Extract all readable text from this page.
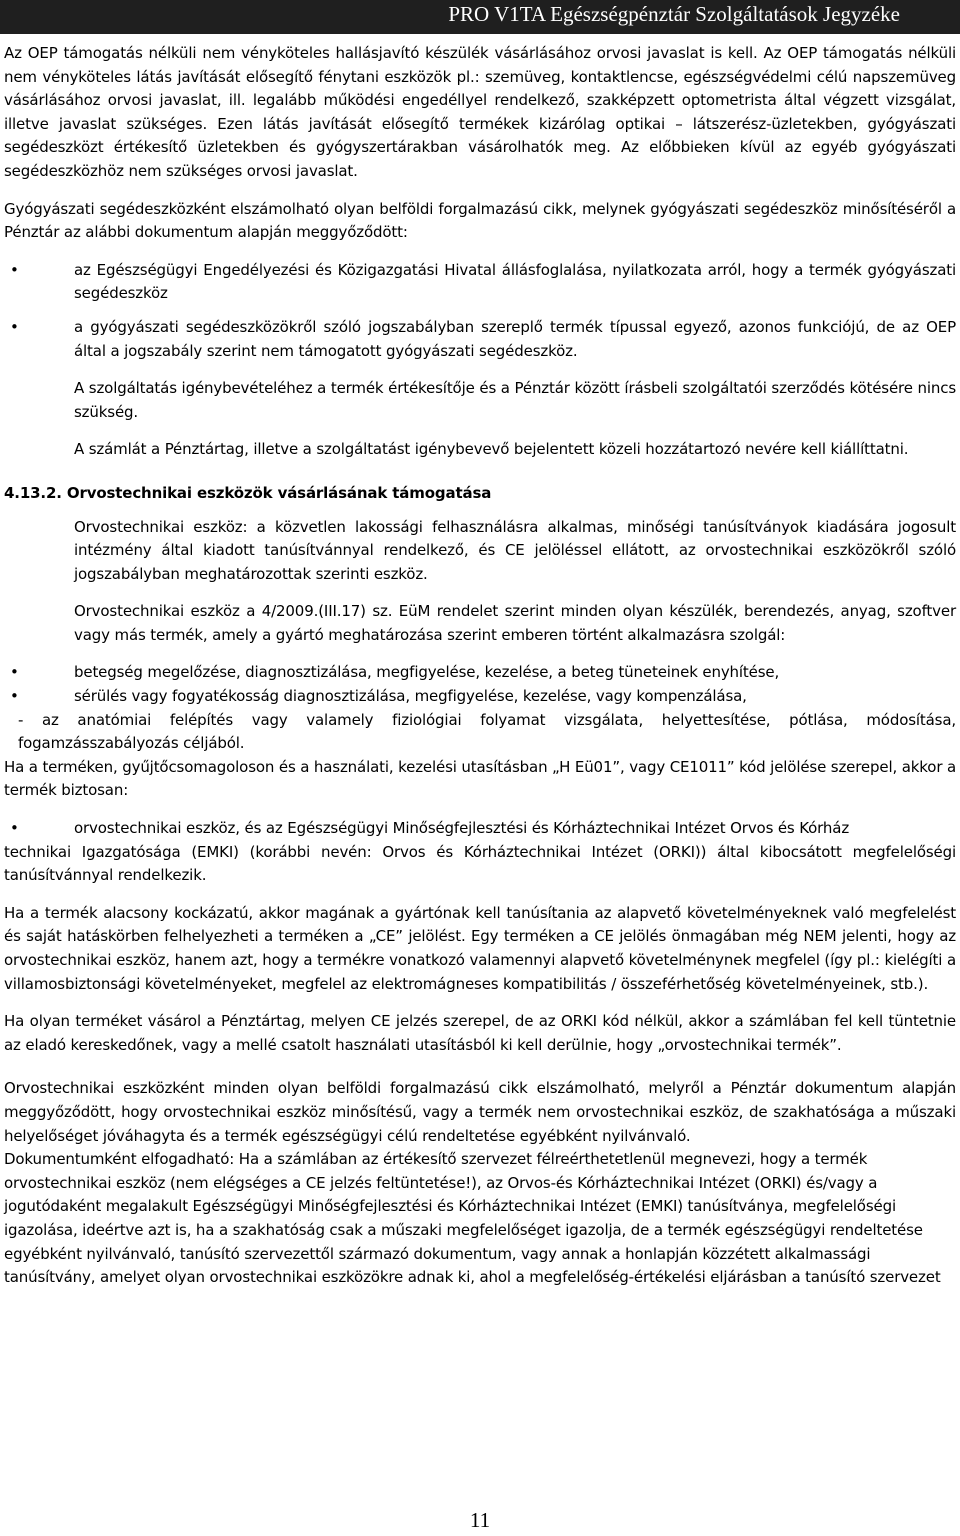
PRO V1TA Egészségpénztár Szolgáltatások Jegyzéke

Az OEP támogatás nélküli nem vényköteles hallásjavító készülék vásárlásához orvosi javaslat is kell. Az OEP támogatás nélküli nem vényköteles látás javítását elősegítő fénytani eszközök pl.: szemüveg, kontaktlencse, egészségvédelmi célú napszemüveg vásárlásához orvosi javaslat, ill. legalább működési engedéllyel rendelkező, szakképzett optometrista által végzett vizsgálat, illetve javaslat szükséges. Ezen látás javítását elősegítő termékek kizárólag optikai – látszerész-üzletekben, gyógyászati segédeszközt értékesítő üzletekben és gyógyszertárakban vásárolhatók meg. Az előbbieken kívül az egyéb gyógyászati segédeszközhöz nem szükséges orvosi javaslat.

Gyógyászati segédeszközként elszámolható olyan belföldi forgalmazású cikk, melynek gyógyászati segédeszköz minősítéséről a Pénztár az alábbi dokumentum alapján meggyőződött:

•	az Egészségügyi Engedélyezési és Közigazgatási Hivatal állásfoglalása, nyilatkozata arról, hogy a termék gyógyászati segédeszköz

•	a gyógyászati segédeszközökről szóló jogszabályban szereplő termék típussal egyező, azonos funkciójú, de az OEP által a jogszabály szerint nem támogatott gyógyászati segédeszköz.

A szolgáltatás igénybevételéhez a termék értékesítője és a Pénztár között írásbeli szolgáltatói szerződés kötésére nincs szükség.

A számlát a Pénztártag, illetve a szolgáltatást igénybevevő bejelentett közeli hozzátartozó nevére kell kiállíttatni.

4.13.2. Orvostechnikai eszközök vásárlásának támogatása

Orvostechnikai eszköz: a közvetlen lakossági felhasználásra alkalmas, minőségi tanúsítványok kiadására jogosult intézmény által kiadott tanúsítvánnyal rendelkező, és CE jelöléssel ellátott, az orvostechnikai eszközökről szóló jogszabályban meghatározottak szerinti eszköz.

Orvostechnikai eszköz a 4/2009.(III.17) sz. EüM rendelet szerint minden olyan készülék, berendezés, anyag, szoftver vagy más termék, amely a gyártó meghatározása szerint emberen történt alkalmazásra szolgál:

•	betegség megelőzése, diagnosztizálása, megfigyelése, kezelése, a beteg tüneteinek enyhítése,

•	sérülés vagy fogyatékosság diagnosztizálása, megfigyelése, kezelése, vagy kompenzálása,

- az anatómiai felépítés vagy valamely fiziológiai folyamat vizsgálata, helyettesítése, pótlása, módosítása, fogamzásszabályozás céljából.

Ha a terméken, gyűjtőcsomagoloson és a használati, kezelési utasításban „H Eü01”, vagy CE1011” kód jelölése szerepel, akkor a termék biztosan:

•	orvostechnikai eszköz, és az Egészségügyi Minőségfejlesztési és Kórháztechnikai Intézet Orvos és Kórház

technikai Igazgatósága (EMKI) (korábbi nevén: Orvos és Kórháztechnikai Intézet (ORKI)) által kibocsátott megfelelőségi tanúsítvánnyal rendelkezik.

Ha a termék alacsony kockázatú, akkor magának a gyártónak kell tanúsítania az alapvető követelményeknek való megfelelést és saját hatáskörben felhelyezheti a terméken a „CE” jelölést. Egy terméken a CE jelölés önmagában még NEM jelenti, hogy az orvostechnikai eszköz, hanem azt, hogy a termékre vonatkozó valamennyi alapvető követelménynek megfelel (így pl.: kielégíti a villamosbiztonsági követelményeket, megfelel az elektromágneses kompatibilitás / összeférhetőség követelményeinek, stb.).

Ha olyan terméket vásárol a Pénztártag, melyen CE jelzés szerepel, de az ORKI kód nélkül, akkor a számlában fel kell tüntetnie az eladó kereskedőnek, vagy a mellé csatolt használati utasításból ki kell derülnie, hogy „orvostechnikai termék”.

Orvostechnikai eszközként minden olyan belföldi forgalmazású cikk elszámolható, melyről a Pénztár dokumentum alapján meggyőződött, hogy orvostechnikai eszköz minősítésű, vagy a termék nem orvostechnikai eszköz, de szakhatósága a műszaki helyelőséget jóváhagyta és a termék egészségügyi célú rendeltetése egyébként nyilvánvaló.

Dokumentumként elfogadható: Ha a számlában az értékesítő szervezet félreérthetetlenül megnevezi, hogy a termék orvostechnikai eszköz (nem elégséges a CE jelzés feltüntetése!), az Orvos-és Kórháztechnikai Intézet (ORKI) és/vagy a jogutódaként megalakult Egészségügyi Minőségfejlesztési és Kórháztechnikai Intézet (EMKI) tanúsítványa, megfelelőségi igazolása, ideértve azt is, ha a szakhatóság csak a műszaki megfelelőséget igazolja, de a termék egészségügyi rendeltetése egyébként nyilvánvaló, tanúsító szervezettől származó dokumentum, vagy annak a honlapján közzétett alkalmassági tanúsítvány, amelyet olyan orvostechnikai eszközökre adnak ki, ahol a megfelelőség-értékelési eljárásban a tanúsító szervezet

11
